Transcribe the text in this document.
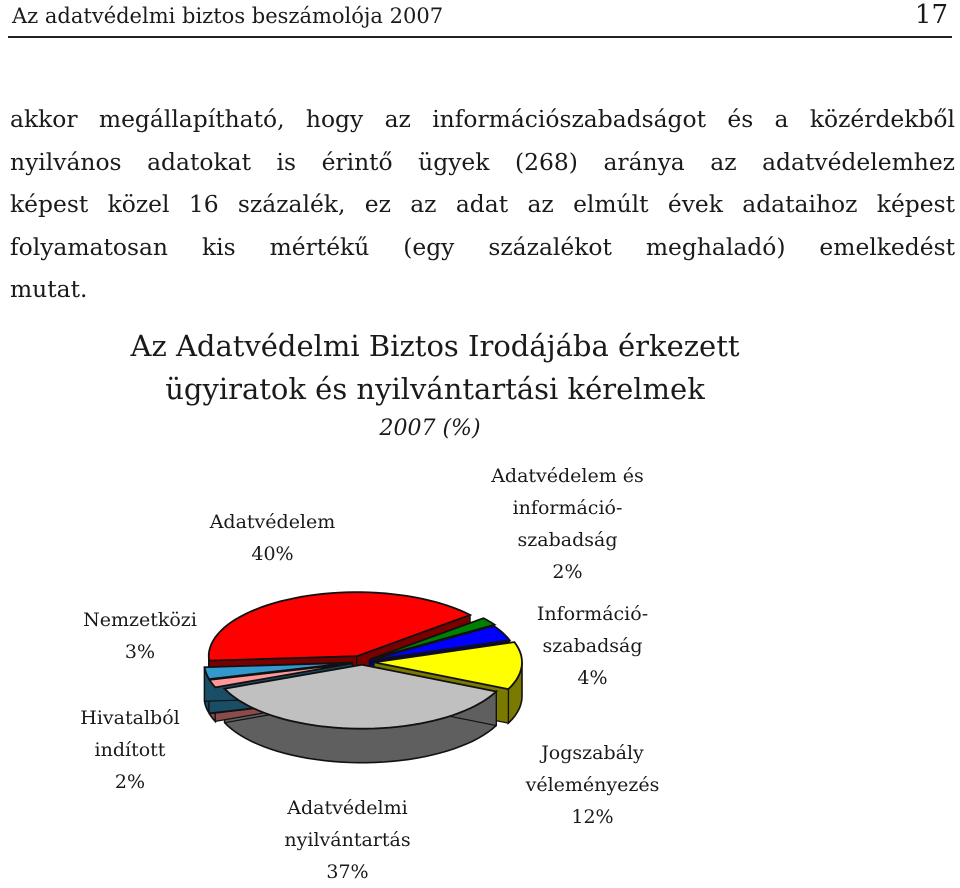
Az adatvédelmi biztos beszámolója 2007	17
akkor megállapítható, hogy az információszabadságot és a közérdekből
nyilvános adatokat is érintő ügyek (268) aránya az adatvédelemhez
képest közel 16 százalék, ez az adat az elmúlt évek adataihoz képest
folyamatosan kis mértékű (egy százalékot meghaladó) emelkedést
mutat.
Az Adatvédelmi Biztos Irodájába érkezett
ügyiratok és nyilvántartási kérelmek
2007 (%)
Adatvédelem
40%
Adatvédelem és
információ-
szabadság
2%
Információ-
szabadság
4%
Jogszabály
véleményezés
12%
Adatvédelmi
nyilvántartás
37%
Hivatalból
indított
2%
Nemzetközi
3%
